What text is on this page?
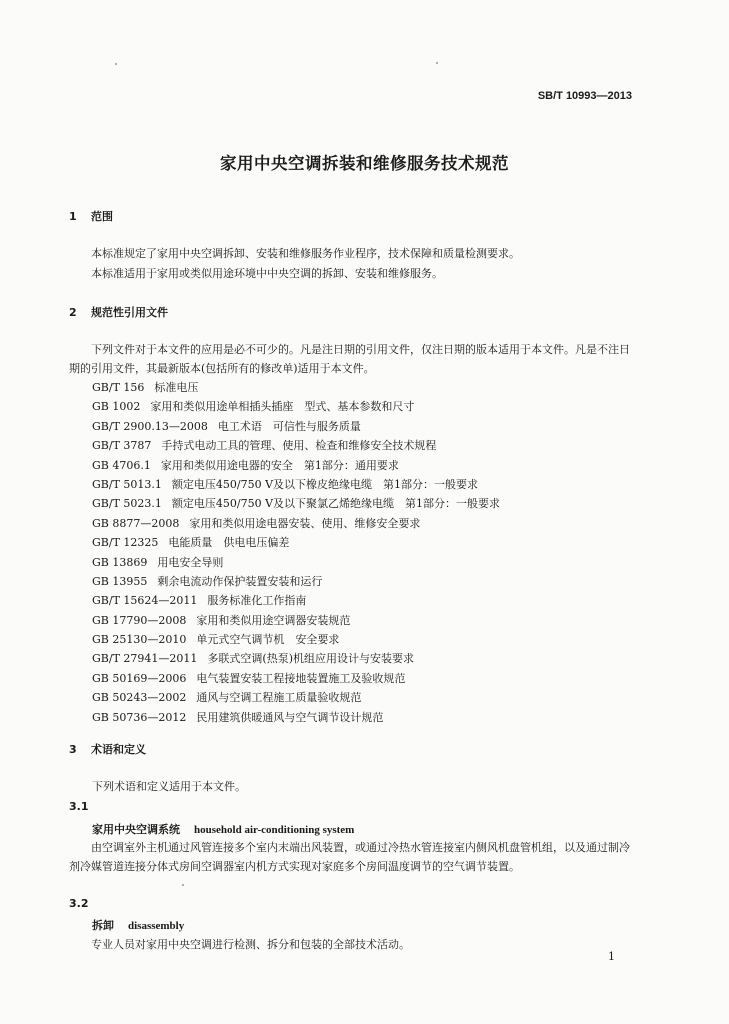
SB/T 10993—2013
家用中央空调拆装和维修服务技术规范
1 范围
本标准规定了家用中央空调拆卸、安装和维修服务作业程序，技术保障和质量检测要求。
本标准适用于家用或类似用途环境中中央空调的拆卸、安装和维修服务。
2 规范性引用文件
下列文件对于本文件的应用是必不可少的。凡是注日期的引用文件，仅注日期的版本适用于本文件。凡是不注日期的引用文件，其最新版本(包括所有的修改单)适用于本文件。
GB/T 156 标准电压
GB 1002 家用和类似用途单相插头插座　型式、基本参数和尺寸
GB/T 2900.13—2008 电工术语　可信性与服务质量
GB/T 3787 手持式电动工具的管理、使用、检查和维修安全技术规程
GB 4706.1 家用和类似用途电器的安全　第1部分：通用要求
GB/T 5013.1 额定电压450/750 V及以下橡皮绝缘电缆　第1部分：一般要求
GB/T 5023.1 额定电压450/750 V及以下聚氯乙烯绝缘电缆　第1部分：一般要求
GB 8877—2008 家用和类似用途电器安装、使用、维修安全要求
GB/T 12325 电能质量　供电电压偏差
GB 13869 用电安全导则
GB 13955 剩余电流动作保护装置安装和运行
GB/T 15624—2011 服务标准化工作指南
GB 17790—2008 家用和类似用途空调器安装规范
GB 25130—2010 单元式空气调节机　安全要求
GB/T 27941—2011 多联式空调(热泵)机组应用设计与安装要求
GB 50169—2006 电气装置安装工程接地装置施工及验收规范
GB 50243—2002 通风与空调工程施工质量验收规范
GB 50736—2012 民用建筑供暖通风与空气调节设计规范
3 术语和定义
下列术语和定义适用于本文件。
3.1
家用中央空调系统 household air-conditioning system
由空调室外主机通过风管连接多个室内末端出风装置，或通过冷热水管连接室内侧风机盘管机组，以及通过制冷剂冷媒管道连接分体式房间空调器室内机方式实现对家庭多个房间温度调节的空气调节装置。
3.2
拆卸 disassembly
专业人员对家用中央空调进行检测、拆分和包装的全部技术活动。
1
